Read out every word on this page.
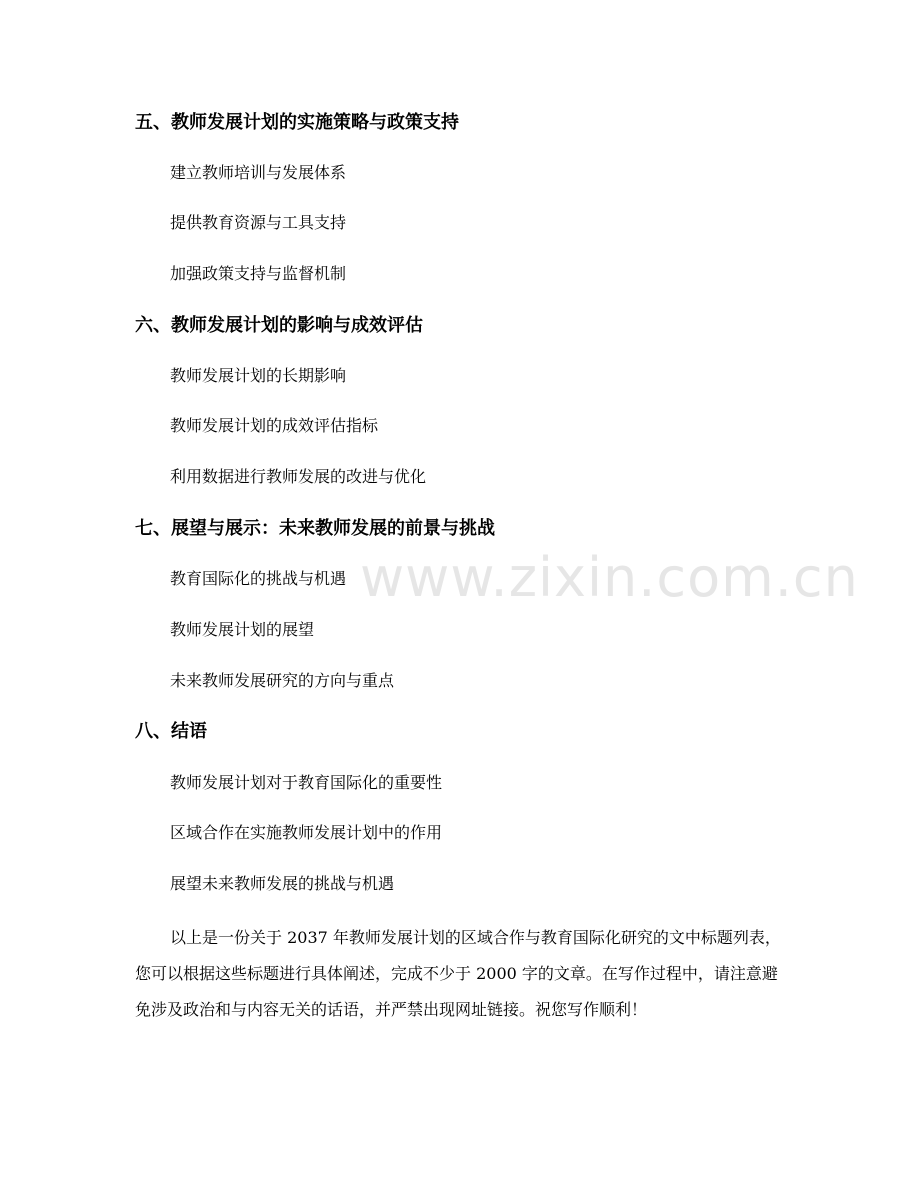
www.zixin.com.cn
五、教师发展计划的实施策略与政策支持
建立教师培训与发展体系
提供教育资源与工具支持
加强政策支持与监督机制
六、教师发展计划的影响与成效评估
教师发展计划的长期影响
教师发展计划的成效评估指标
利用数据进行教师发展的改进与优化
七、展望与展示：未来教师发展的前景与挑战
教育国际化的挑战与机遇
教师发展计划的展望
未来教师发展研究的方向与重点
八、结语
教师发展计划对于教育国际化的重要性
区域合作在实施教师发展计划中的作用
展望未来教师发展的挑战与机遇

以上是一份关于 2037 年教师发展计划的区域合作与教育国际化研究的文中标题列表，您可以根据这些标题进行具体阐述，完成不少于 2000 字的文章。在写作过程中，请注意避免涉及政治和与内容无关的话语，并严禁出现网址链接。祝您写作顺利！
